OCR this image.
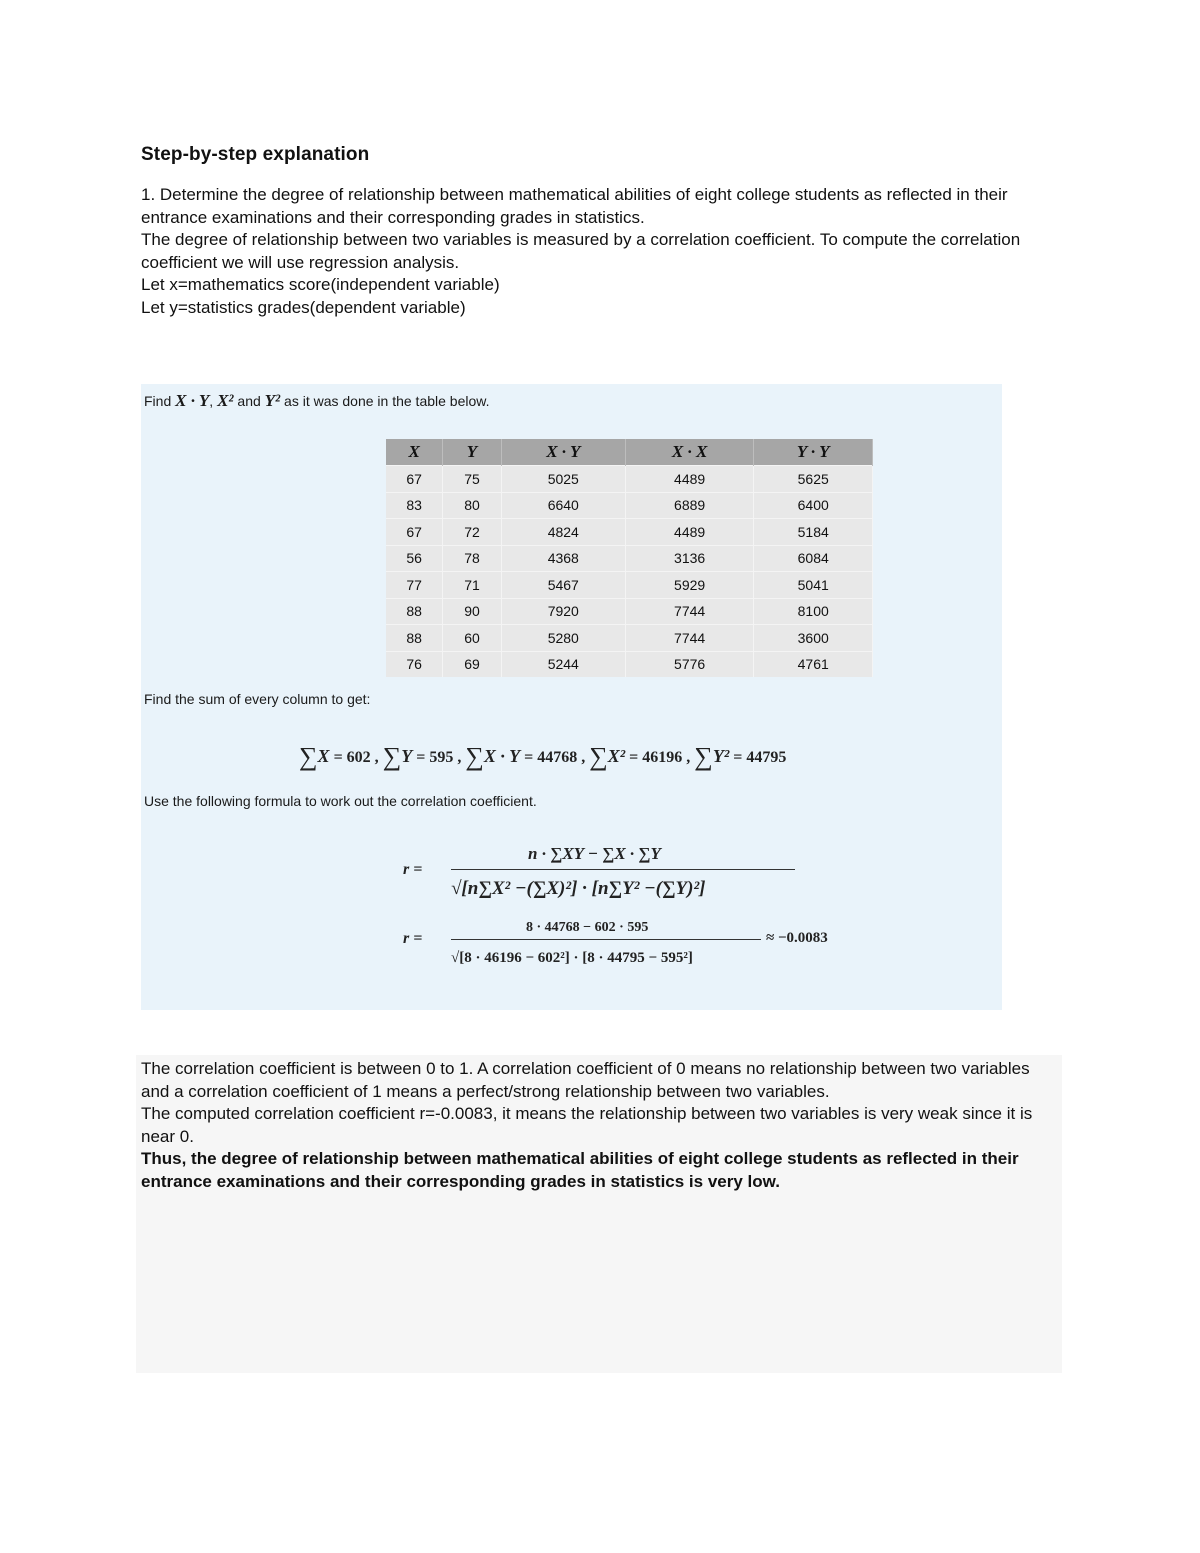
Step-by-step explanation

1. Determine the degree of relationship between mathematical abilities of eight college students as reflected in their entrance examinations and their corresponding grades in statistics.

The degree of relationship between two variables is measured by a correlation coefficient. To compute the correlation coefficient we will use regression analysis.

Let x=mathematics score(independent variable)

Let y=statistics grades(dependent variable)

Find X · Y, X² and Y² as it was done in the table below.
X	Y	X · Y	X · X	Y · Y
67	75	5025	4489	5625
83	80	6640	6889	6400
67	72	4824	4489	5184
56	78	4368	3136	6084
77	71	5467	5929	5041
88	90	7920	7744	8100
88	60	5280	7744	3600
76	69	5244	5776	4761
Find the sum of every column to get:
∑X = 602 , ∑Y = 595 , ∑X · Y = 44768 , ∑X² = 46196 , ∑Y² = 44795
Use the following formula to work out the correlation coefficient.
r =
n · ∑XY − ∑X · ∑Y
√[n∑X² −(∑X)²] · [n∑Y² −(∑Y)²]
r =
8 · 44768 − 602 · 595
√[8 · 46196 − 602²] · [8 · 44795 − 595²]
≈ −0.0083

The correlation coefficient is between 0 to 1. A correlation coefficient of 0 means no relationship between two variables and a correlation coefficient of 1 means a perfect/strong relationship between two variables.

The computed correlation coefficient r=-0.0083, it means the relationship between two variables is very weak since it is near 0.

Thus, the degree of relationship between mathematical abilities of eight college students as reflected in their entrance examinations and their corresponding grades in statistics is very low.
